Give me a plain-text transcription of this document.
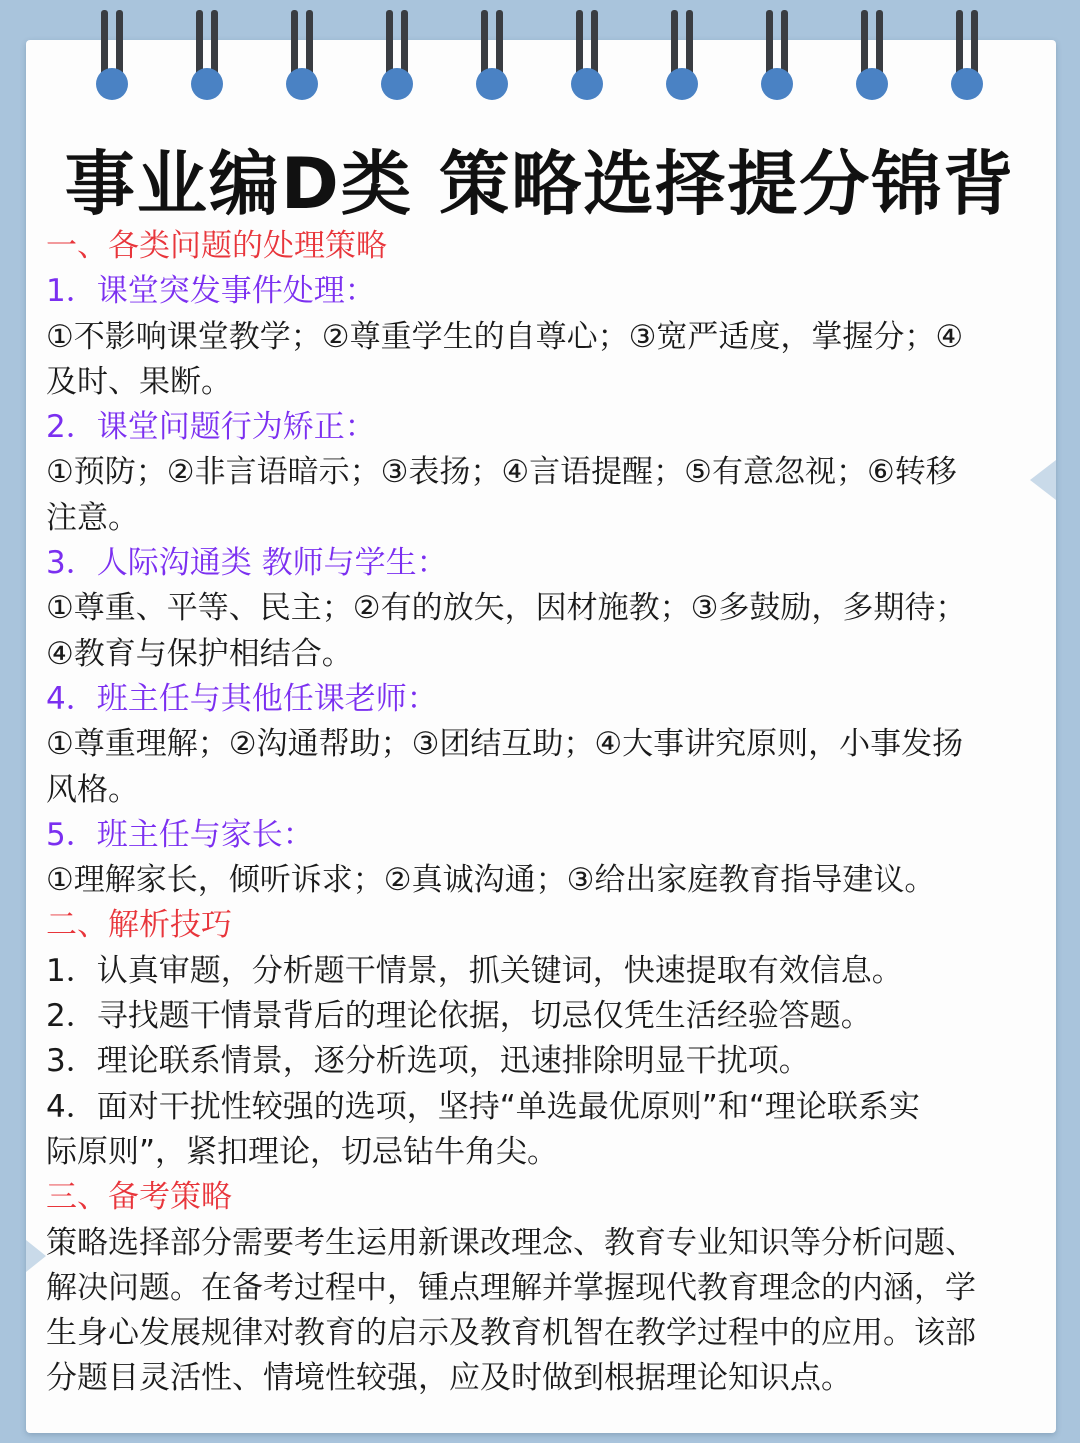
事业编D类 策略选择提分锦背

一、各类问题的处理策略

1．课堂突发事件处理：

①不影响课堂教学；②尊重学生的自尊心；③宽严适度，掌握分；④

及时、果断。

2．课堂问题行为矫正：

①预防；②非言语暗示；③表扬；④言语提醒；⑤有意忽视；⑥转移

注意。

3．人际沟通类 教师与学生：

①尊重、平等、民主；②有的放矢，因材施教；③多鼓励，多期待；

④教育与保护相结合。

4．班主任与其他任课老师：

①尊重理解；②沟通帮助；③团结互助；④大事讲究原则，小事发扬

风格。

5．班主任与家长：

①理解家长，倾听诉求；②真诚沟通；③给出家庭教育指导建议。

二、解析技巧

1．认真审题，分析题干情景，抓关键词，快速提取有效信息。

2．寻找题干情景背后的理论依据，切忌仅凭生活经验答题。

3．理论联系情景，逐分析选项，迅速排除明显干扰项。

4．面对干扰性较强的选项，坚持“单选最优原则”和“理论联系实

际原则”，紧扣理论，切忌钻牛角尖。

三、备考策略

策略选择部分需要考生运用新课改理念、教育专业知识等分析问题、

解决问题。在备考过程中，锺点理解并掌握现代教育理念的内涵，学

生身心发展规律对教育的启示及教育机智在教学过程中的应用。该部

分题目灵活性、情境性较强，应及时做到根据理论知识点。
